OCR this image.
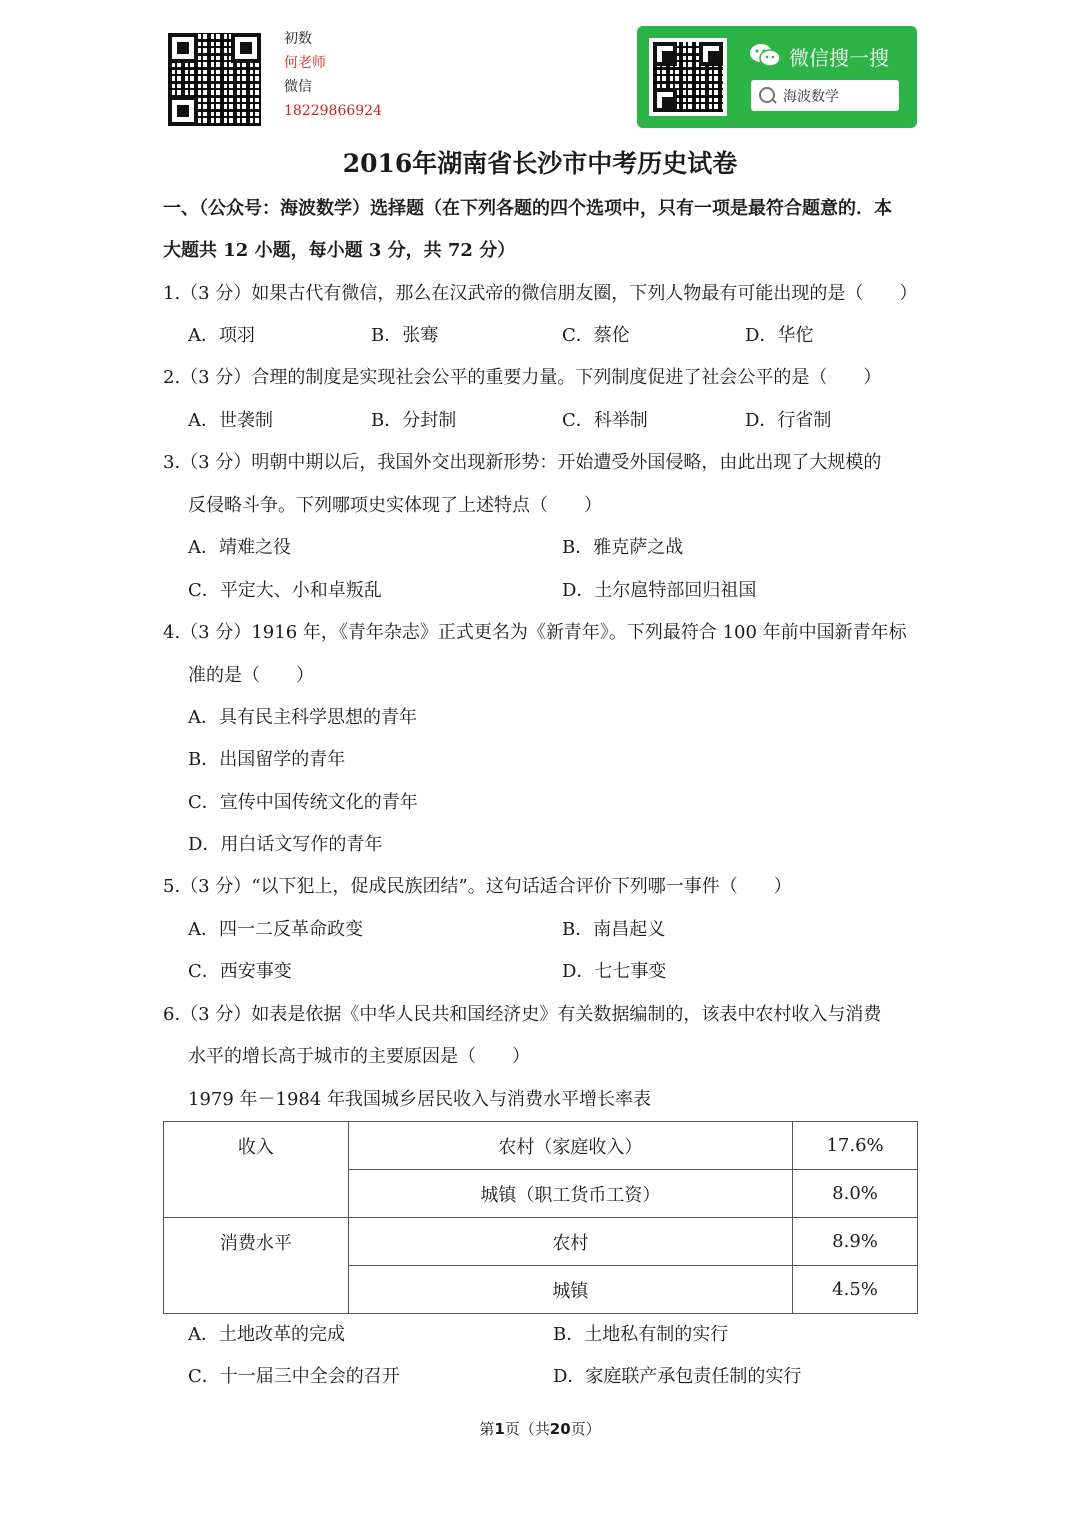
初数
何老师
微信
18229866924
微信搜一搜
海波数学
2016年湖南省长沙市中考历史试卷
一、（公众号：海波数学）选择题（在下列各题的四个选项中，只有一项是最符合题意的．本
大题共 12 小题，每小题 3 分，共 72 分）
1.（3 分）如果古代有微信，那么在汉武帝的微信朋友圈，下列人物最有可能出现的是（　　）
A．项羽	B．张骞	C．蔡伦	D．华佗
2.（3 分）合理的制度是实现社会公平的重要力量。下列制度促进了社会公平的是（　　）
A．世袭制	B．分封制	C．科举制	D．行省制
3.（3 分）明朝中期以后，我国外交出现新形势：开始遭受外国侵略，由此出现了大规模的
反侵略斗争。下列哪项史实体现了上述特点（　　）
A．靖难之役	B．雅克萨之战
C．平定大、小和卓叛乱	D．土尔扈特部回归祖国
4.（3 分）1916 年，《青年杂志》正式更名为《新青年》。下列最符合 100 年前中国新青年标
准的是（　　）
A．具有民主科学思想的青年
B．出国留学的青年
C．宣传中国传统文化的青年
D．用白话文写作的青年
5.（3 分）“以下犯上，促成民族团结”。这句话适合评价下列哪一事件（　　）
A．四一二反革命政变	B．南昌起义
C．西安事变	D．七七事变
6.（3 分）如表是依据《中华人民共和国经济史》有关数据编制的，该表中农村收入与消费
水平的增长高于城市的主要原因是（　　）
1979 年－1984 年我国城乡居民收入与消费水平增长率表
收入	农村（家庭收入）	17.6%
	城镇（职工货币工资）	8.0%
消费水平	农村	8.9%
	城镇	4.5%
A．土地改革的完成	B．土地私有制的实行
C．十一届三中全会的召开	D．家庭联产承包责任制的实行
第1页（共20页）
